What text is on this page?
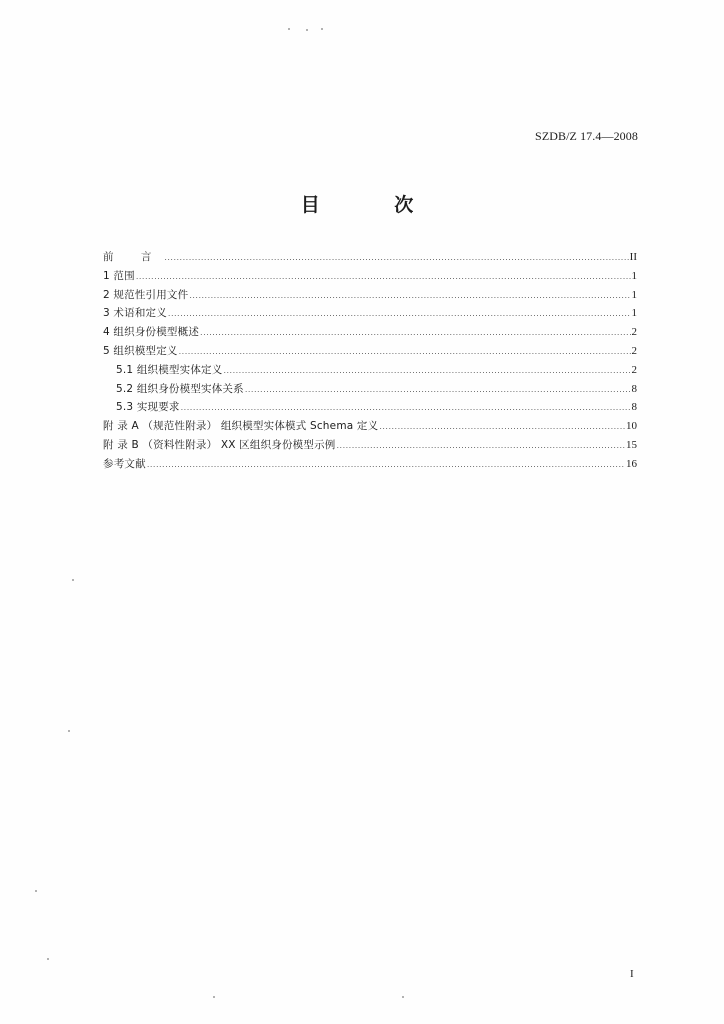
SZDB/Z 17.4—2008
目 次
前 言 .....	II
1 范围 .....	1
2 规范性引用文件 .....	1
3 术语和定义 .....	1
4 组织身份模型概述 .....	2
5 组织模型定义 .....	2
5.1 组织模型实体定义 .....	2
5.2 组织身份模型实体关系 .....	8
5.3 实现要求 .....	8
附 录 A （规范性附录） 组织模型实体模式 Schema 定义 .....	10
附 录 B （资料性附录） XX 区组织身份模型示例 .....	15
参考文献 .....	16
I
